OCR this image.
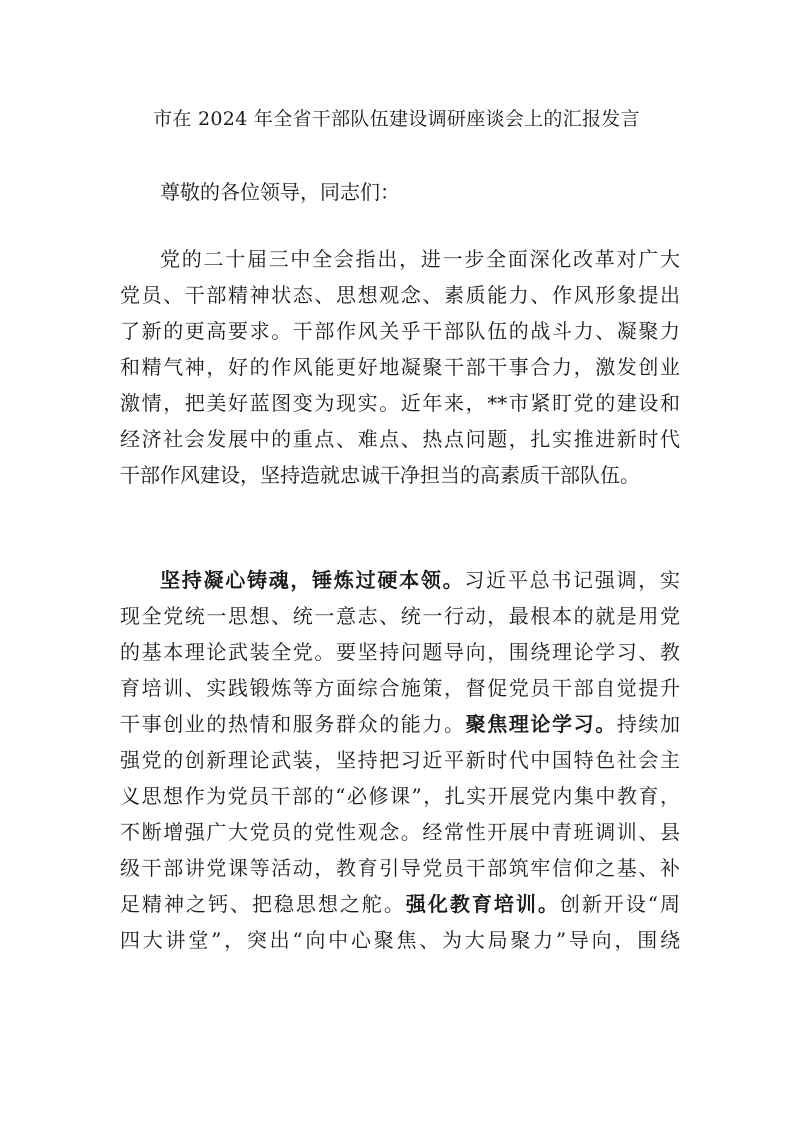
市在 2024 年全省干部队伍建设调研座谈会上的汇报发言
尊敬的各位领导，同志们：
党的二十届三中全会指出，进一步全面深化改革对广大
党员、干部精神状态、思想观念、素质能力、作风形象提出
了新的更高要求。干部作风关乎干部队伍的战斗力、凝聚力
和精气神，好的作风能更好地凝聚干部干事合力，激发创业
激情，把美好蓝图变为现实。近年来，**市紧盯党的建设和
经济社会发展中的重点、难点、热点问题，扎实推进新时代
干部作风建设，坚持造就忠诚干净担当的高素质干部队伍。
坚持凝心铸魂，锤炼过硬本领。习近平总书记强调，实
现全党统一思想、统一意志、统一行动，最根本的就是用党
的基本理论武装全党。要坚持问题导向，围绕理论学习、教
育培训、实践锻炼等方面综合施策，督促党员干部自觉提升
干事创业的热情和服务群众的能力。聚焦理论学习。持续加
强党的创新理论武装，坚持把习近平新时代中国特色社会主
义思想作为党员干部的“必修课”，扎实开展党内集中教育，
不断增强广大党员的党性观念。经常性开展中青班调训、县
级干部讲党课等活动，教育引导党员干部筑牢信仰之基、补
足精神之钙、把稳思想之舵。强化教育培训。创新开设“周
四大讲堂”，突出“向中心聚焦、为大局聚力”导向，围绕
